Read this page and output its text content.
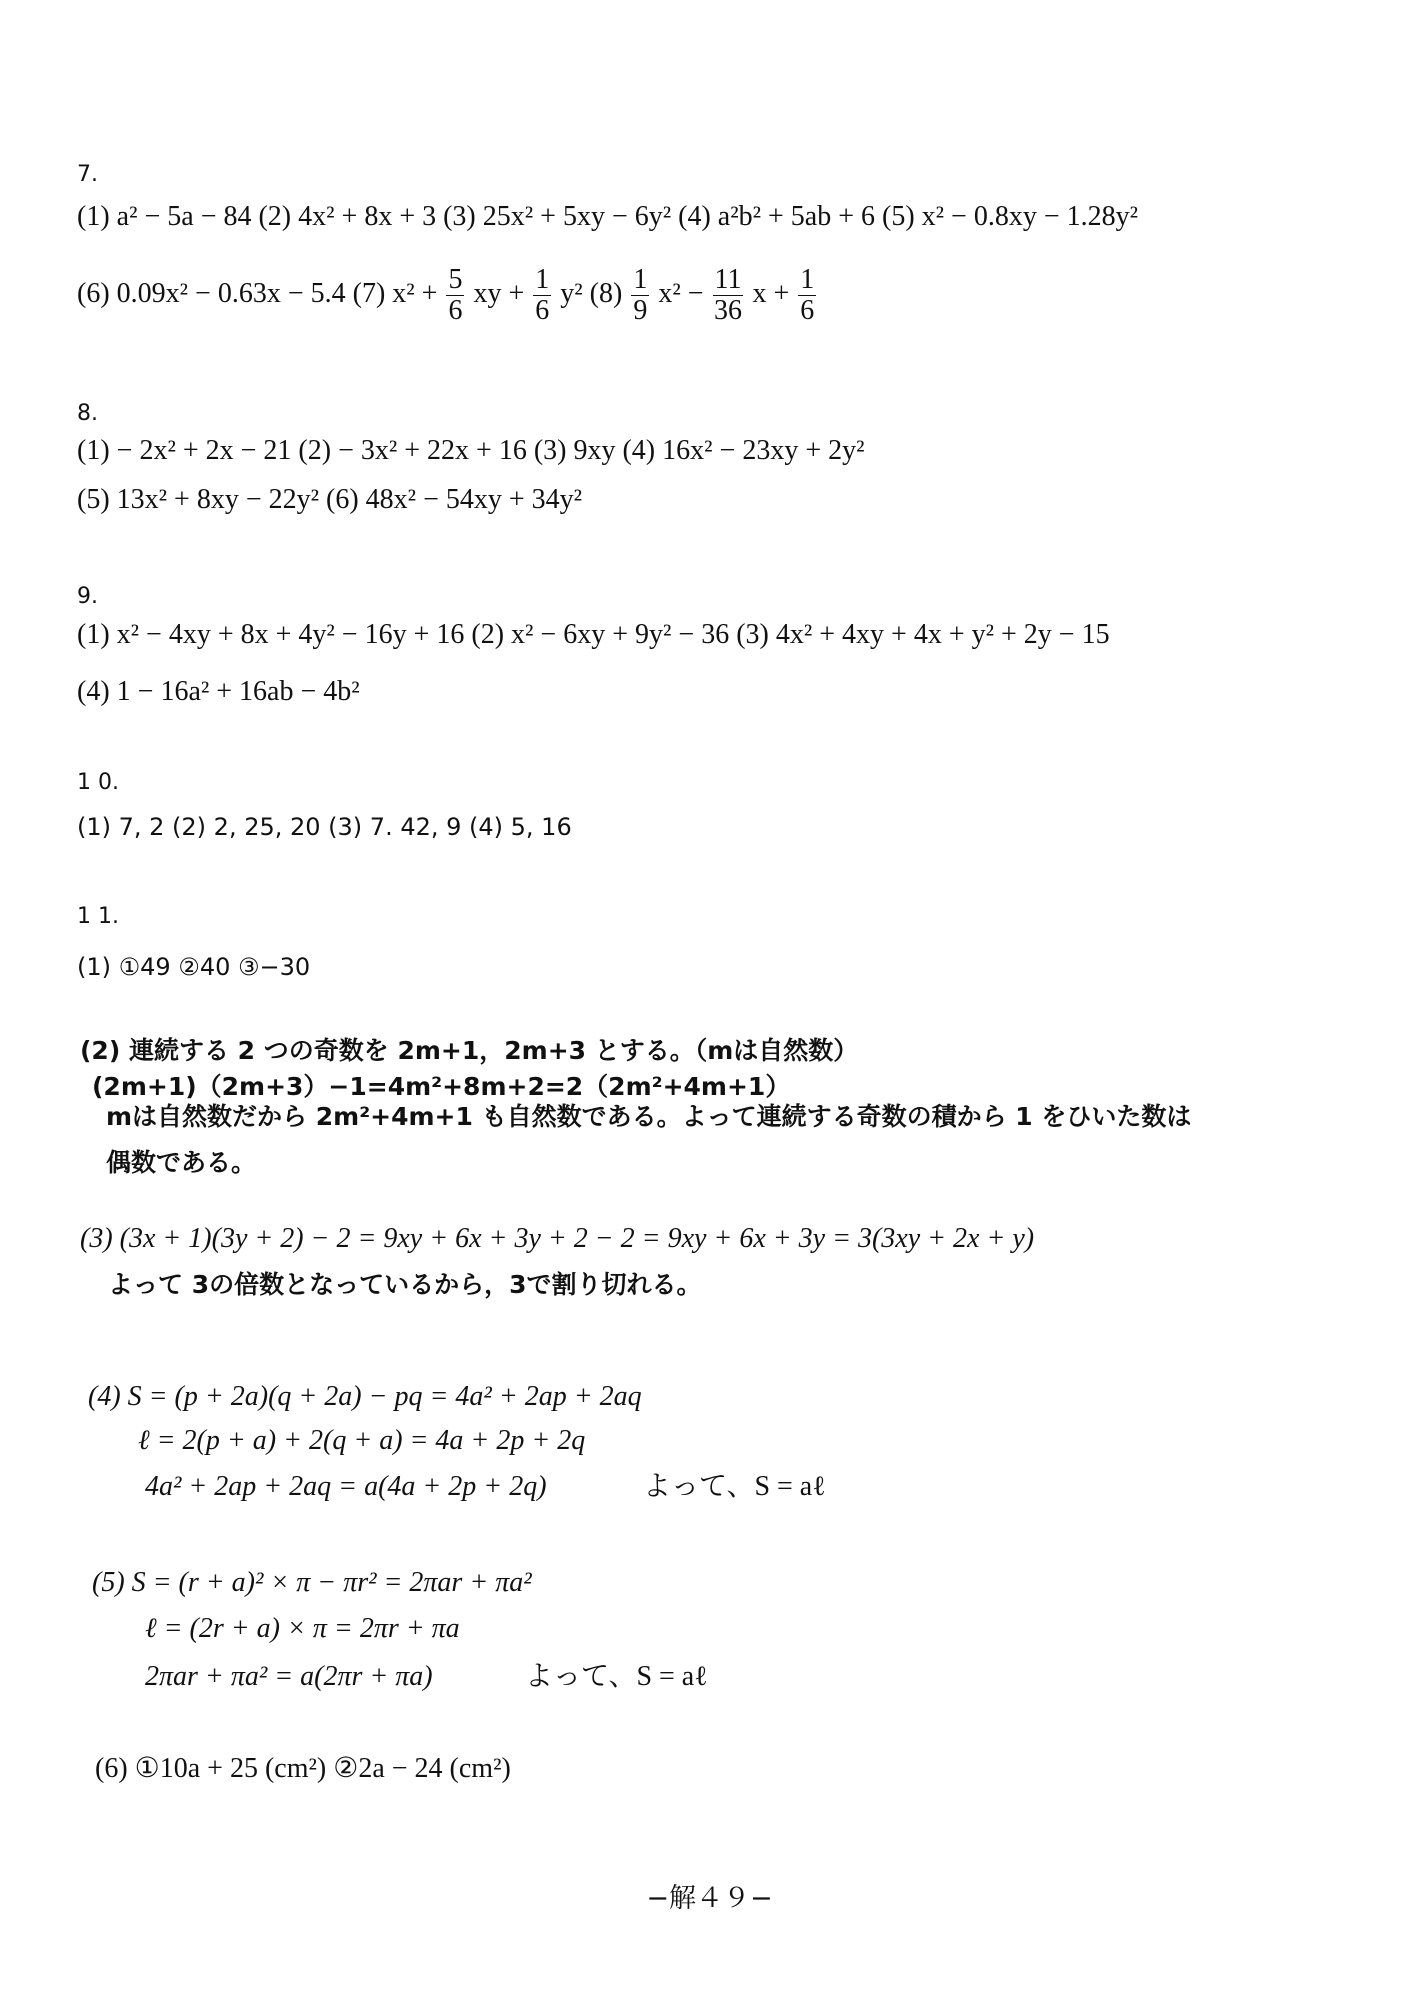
7.
(1) a² − 5a − 84 (2) 4x² + 8x + 3 (3) 25x² + 5xy − 6y² (4) a²b² + 5ab + 6 (5) x² − 0.8xy − 1.28y²
(6) 0.09x² − 0.63x − 5.4 (7) $x^2 + \frac{5}{6}$ xy + $\frac{1}{6} y^2$ $(8) \frac{1}{9} x^2 - \frac{11}{36}$ $x + \frac{1}{6}$
8.
(1) − 2x² + 2x − 21 (2) − 3x² + 22x + 16 (3) 9xy (4) 16x² − 23xy + 2y²
(5) 13x² + 8xy − 22y² (6) 48x² − 54xy + 34y²
9.
(1) x² − 4xy + 8x + 4y² − 16y + 16 (2) x² − 6xy + 9y² − 36 (3) 4x² + 4xy + 4x + y² + 2y − 15
(4) 1 − 16a² + 16ab − 4b²
1 0.
(1) 7, 2 (2) 2, 25, 20 (3) 7. 42, 9 (4) 5, 16
1 1.
(1) ①49 ②40 ③−30
(2) 連続する 2 つの奇数を 2m+1，2m+3 とする。（mは自然数）
(2m+1)（2m+3）−1=4m²+8m+2=2（2m²+4m+1）
mは自然数だから 2m²+4m+1 も自然数である。よって連続する奇数の積から 1 をひいた数は
偶数である。
(3) (3x + 1)(3y + 2) − 2 = 9xy + 6x + 3y + 2 − 2 = 9xy + 6x + 3y = 3(3xy + 2x + y)
よって 3の倍数となっているから，3で割り切れる。
(4) S = (p + 2a)(q + 2a) − pq = 4a² + 2ap + 2aq
ℓ = 2(p + a) + 2(q + a) = 4a + 2p + 2q
4a² + 2ap + 2aq = a(4a + 2p + 2q)	よって、S = aℓ
(5) S = (r + a)² × π − πr² = 2πar + πa²
ℓ = (2r + a) × π = 2πr + πa
2πar + πa² = a(2πr + πa)	よって、S = aℓ
(6) ①10a + 25 (cm²) ②2a − 24 (cm²)
−解４９−
